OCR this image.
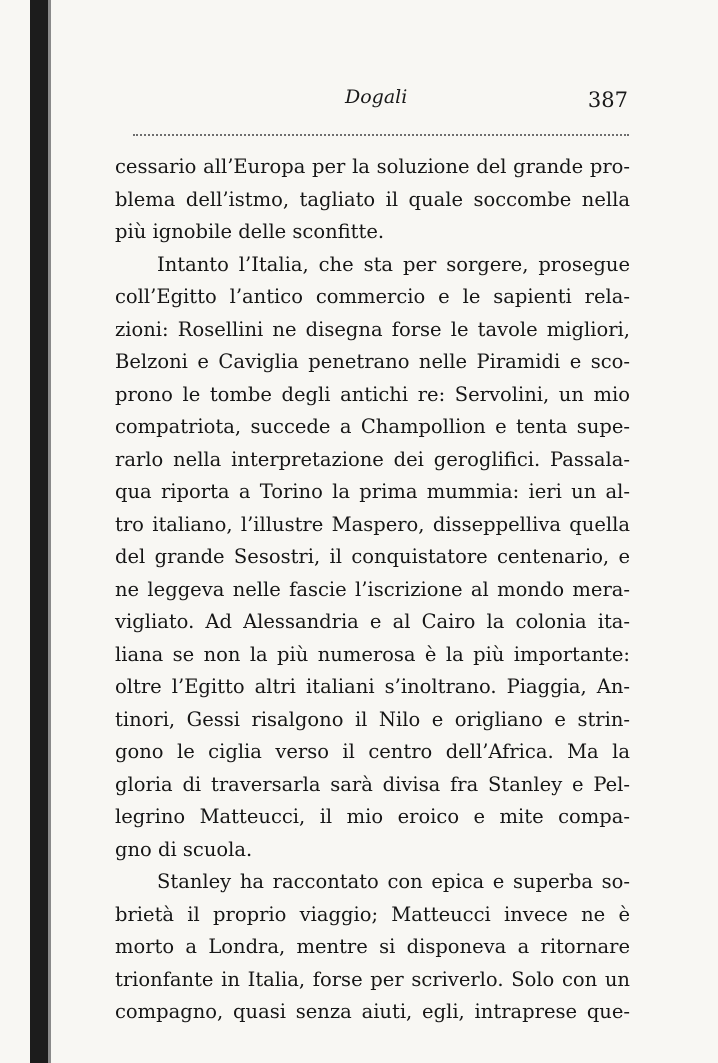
Dogali	387
cessario all’Europa per la soluzione del grande pro-
blema dell’istmo, tagliato il quale soccombe nella
più ignobile delle sconfitte.
Intanto l’Italia, che sta per sorgere, prosegue
coll’Egitto l’antico commercio e le sapienti rela-
zioni: Rosellini ne disegna forse le tavole migliori,
Belzoni e Caviglia penetrano nelle Piramidi e sco-
prono le tombe degli antichi re: Servolini, un mio
compatriota, succede a Champollion e tenta supe-
rarlo nella interpretazione dei geroglifici. Passala-
qua riporta a Torino la prima mummia: ieri un al-
tro italiano, l’illustre Maspero, disseppelliva quella
del grande Sesostri, il conquistatore centenario, e
ne leggeva nelle fascie l’iscrizione al mondo mera-
vigliato. Ad Alessandria e al Cairo la colonia ita-
liana se non la più numerosa è la più importante:
oltre l’Egitto altri italiani s’inoltrano. Piaggia, An-
tinori, Gessi risalgono il Nilo e origliano e strin-
gono le ciglia verso il centro dell’Africa. Ma la
gloria di traversarla sarà divisa fra Stanley e Pel-
legrino Matteucci, il mio eroico e mite compa-
gno di scuola.
Stanley ha raccontato con epica e superba so-
brietà il proprio viaggio; Matteucci invece ne è
morto a Londra, mentre si disponeva a ritornare
trionfante in Italia, forse per scriverlo. Solo con un
compagno, quasi senza aiuti, egli, intraprese que-
